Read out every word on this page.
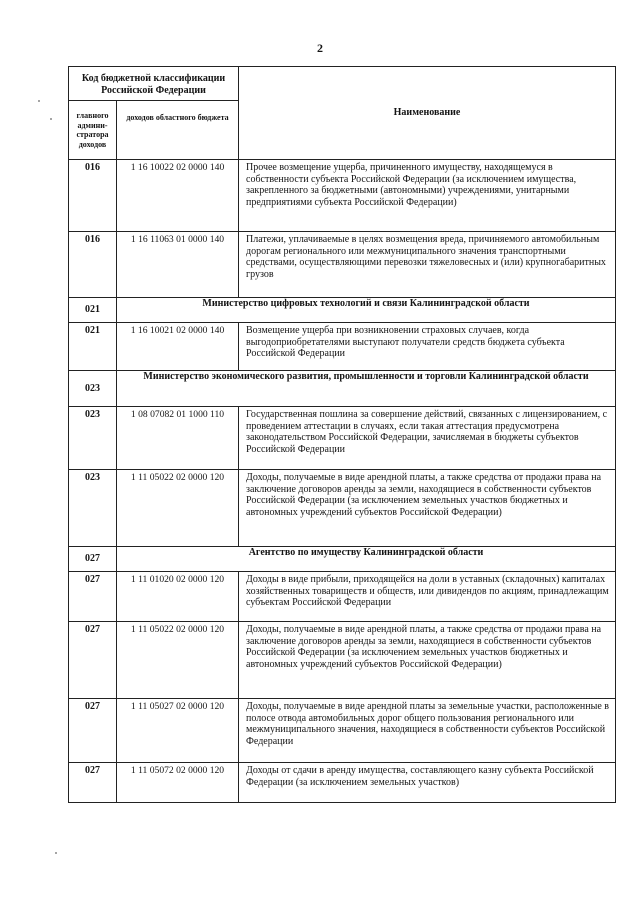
2
Код бюджетной классификации Российской Федерации		Наименование
главного админи-стратора доходов	доходов областного бюджета	
016	1 16 10022 02 0000 140	Прочее возмещение ущерба, причиненного имуществу, находящемуся в собственности субъекта Российской Федерации (за исключением имущества, закрепленного за бюджетными (автономными) учреждениями, унитарными предприятиями субъекта Российской Федерации)
016	1 16 11063 01 0000 140	Платежи, уплачиваемые в целях возмещения вреда, причиняемого автомобильным дорогам регионального или межмуниципального значения транспортными средствами, осуществляющими перевозки тяжеловесных и (или) крупногабаритных грузов
021	Министерство цифровых технологий и связи Калининградской области	
021	1 16 10021 02 0000 140	Возмещение ущерба при возникновении страховых случаев, когда выгодоприобретателями выступают получатели средств бюджета субъекта Российской Федерации
023	Министерство экономического развития, промышленности и торговли Калининградской области	
023	1 08 07082 01 1000 110	Государственная пошлина за совершение действий, связанных с лицензированием, с проведением аттестации в случаях, если такая аттестация предусмотрена законодательством Российской Федерации, зачисляемая в бюджеты субъектов Российской Федерации
023	1 11 05022 02 0000 120	Доходы, получаемые в виде арендной платы, а также средства от продажи права на заключение договоров аренды за земли, находящиеся в собственности субъектов Российской Федерации (за исключением земельных участков бюджетных и автономных учреждений субъектов Российской Федерации)
027	Агентство по имуществу Калининградской области	
027	1 11 01020 02 0000 120	Доходы в виде прибыли, приходящейся на доли в уставных (складочных) капиталах хозяйственных товариществ и обществ, или дивидендов по акциям, принадлежащим субъектам Российской Федерации
027	1 11 05022 02 0000 120	Доходы, получаемые в виде арендной платы, а также средства от продажи права на заключение договоров аренды за земли, находящиеся в собственности субъектов Российской Федерации (за исключением земельных участков бюджетных и автономных учреждений субъектов Российской Федерации)
027	1 11 05027 02 0000 120	Доходы, получаемые в виде арендной платы за земельные участки, расположенные в полосе отвода автомобильных дорог общего пользования регионального или межмуниципального значения, находящиеся в собственности субъектов Российской Федерации
027	1 11 05072 02 0000 120	Доходы от сдачи в аренду имущества, составляющего казну субъекта Российской Федерации (за исключением земельных участков)
